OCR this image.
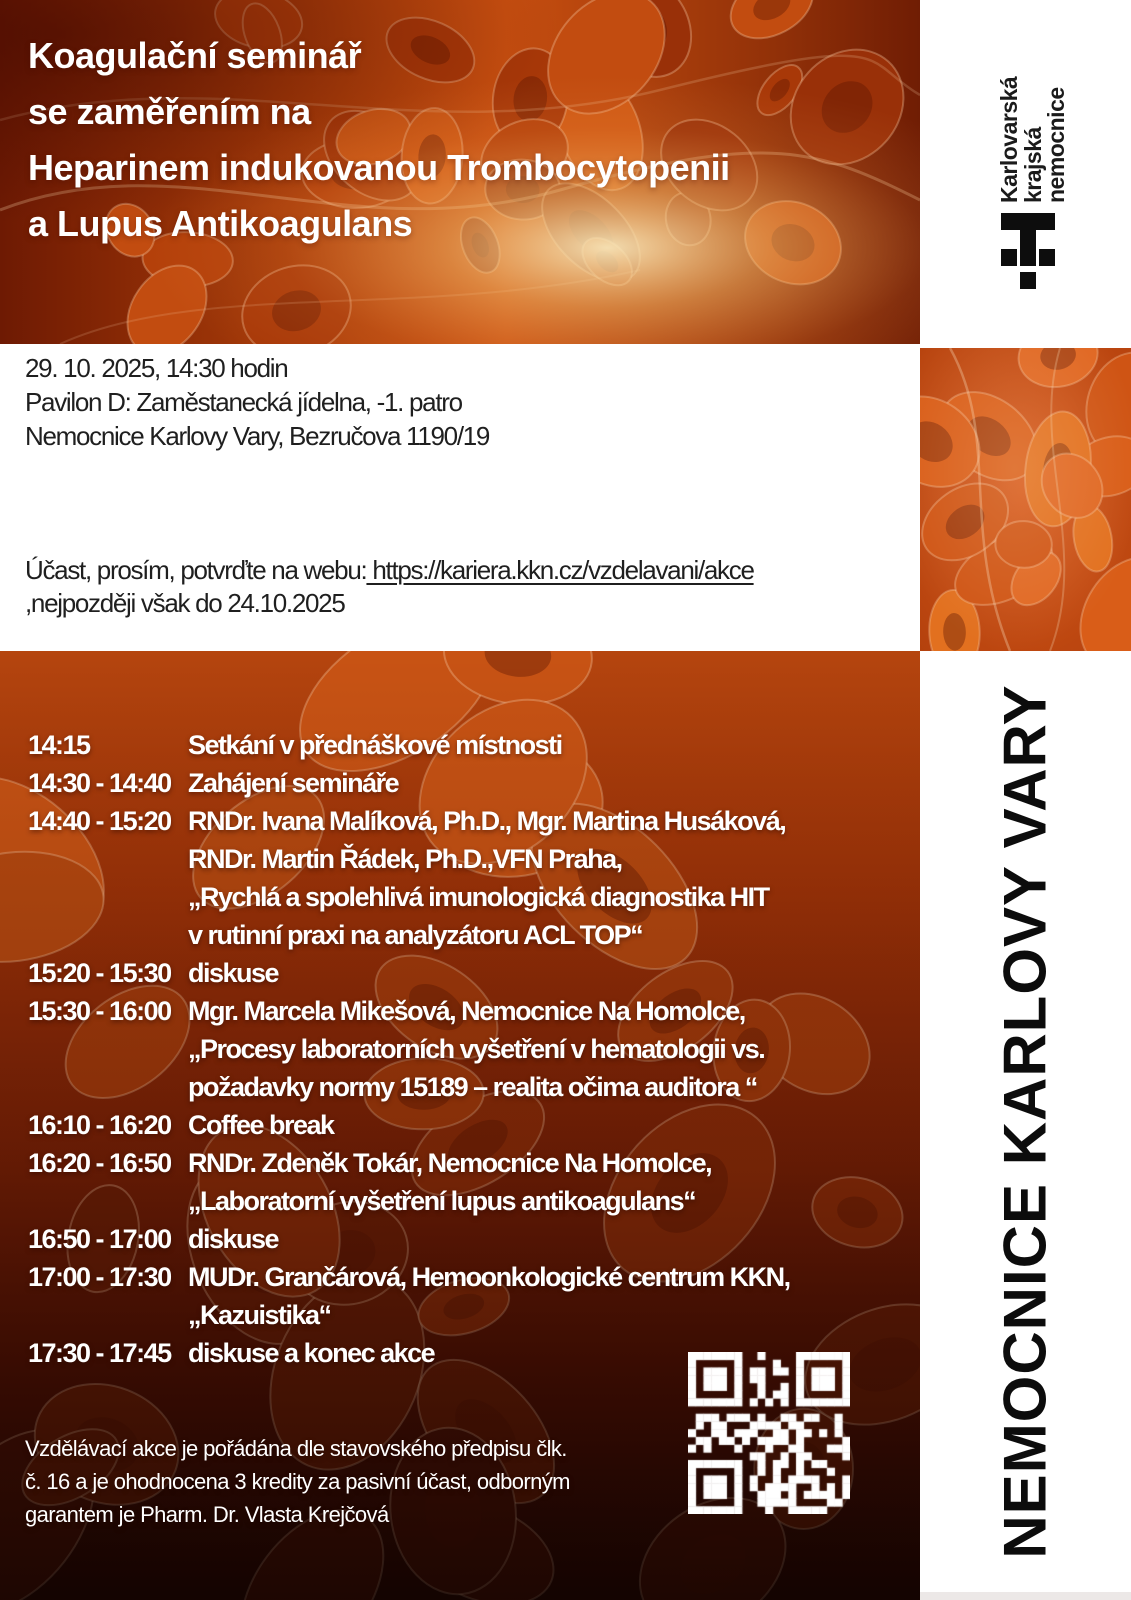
Koagulační seminář
se zaměřením na
Heparinem indukovanou Trombocytopenii
a Lupus Antikoagulans
Karlovarská
krajská
nemocnice
29. 10. 2025, 14:30 hodin
Pavilon D: Zaměstanecká jídelna, -1. patro
Nemocnice Karlovy Vary, Bezručova 1190/19
Účast, prosím, potvrďte na webu: https://kariera.kkn.cz/vzdelavani/akce
,nejpozději však do 24.10.2025
14:15	Setkání v přednáškové místnosti
14:30 - 14:40 Zahájení semináře
14:40 - 15:20 RNDr. Ivana Malíková, Ph.D., Mgr. Martina Husáková,
RNDr. Martin Řádek, Ph.D.,VFN Praha,
„Rychlá a spolehlivá imunologická diagnostika HIT
v rutinní praxi na analyzátoru ACL TOP“
15:20 - 15:30 diskuse
15:30 - 16:00 Mgr. Marcela Mikešová, Nemocnice Na Homolce,
„Procesy laboratorních vyšetření v hematologii vs.
požadavky normy 15189 – realita očima auditora “
16:10 - 16:20 Coffee break
16:20 - 16:50 RNDr. Zdeněk Tokár, Nemocnice Na Homolce,
„Laboratorní vyšetření lupus antikoagulans“
16:50 - 17:00 diskuse
17:00 - 17:30 MUDr. Grančárová, Hemoonkologické centrum KKN,
„Kazuistika“
17:30 - 17:45 diskuse a konec akce
Vzdělávací akce je pořádána dle stavovského předpisu člk.
č. 16 a je ohodnocena 3 kredity za pasivní účast, odborným
garantem je Pharm. Dr. Vlasta Krejčová	NEMOCNICE KARLOVY VARY
